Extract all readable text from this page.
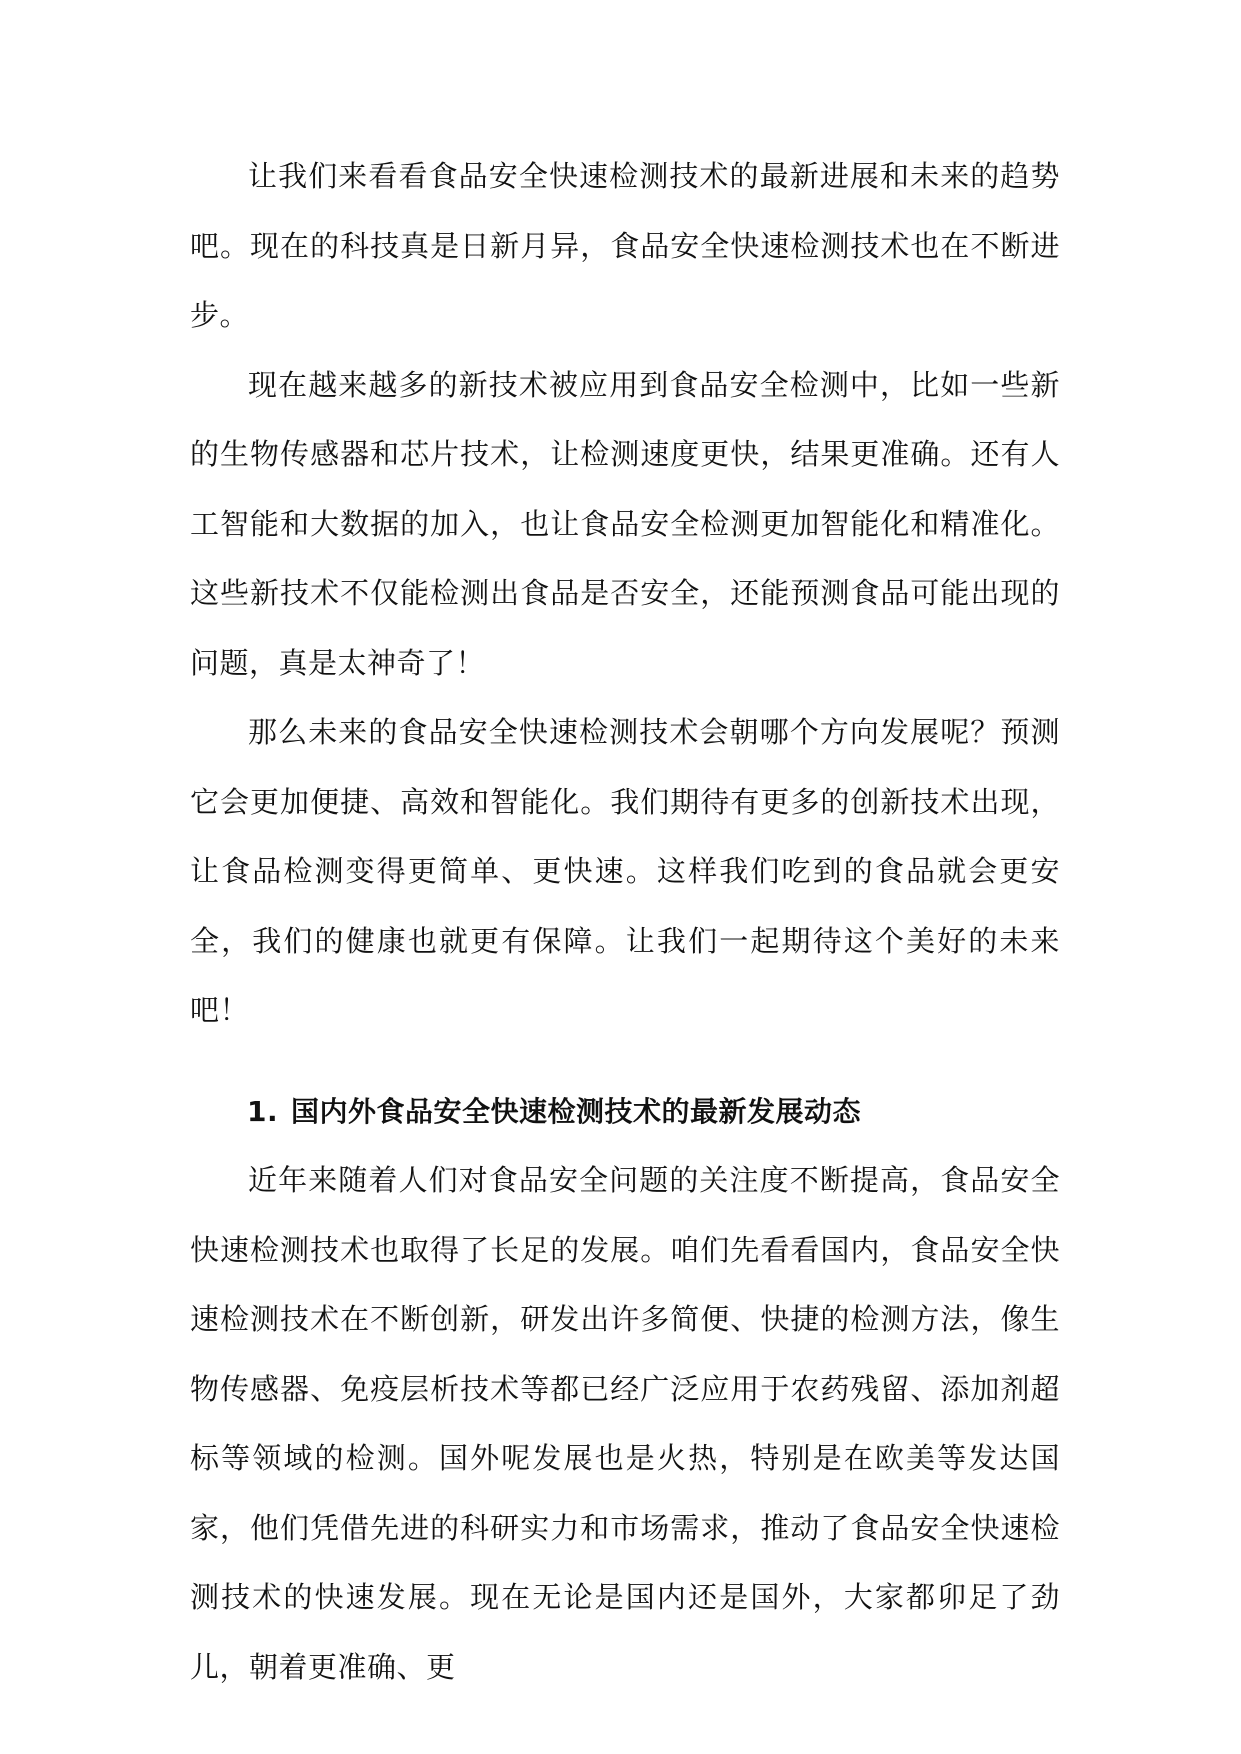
让我们来看看食品安全快速检测技术的最新进展和未来的趋势吧。现在的科技真是日新月异，食品安全快速检测技术也在不断进步。

现在越来越多的新技术被应用到食品安全检测中，比如一些新的生物传感器和芯片技术，让检测速度更快，结果更准确。还有人工智能和大数据的加入，也让食品安全检测更加智能化和精准化。这些新技术不仅能检测出食品是否安全，还能预测食品可能出现的问题，真是太神奇了！

那么未来的食品安全快速检测技术会朝哪个方向发展呢？预测它会更加便捷、高效和智能化。我们期待有更多的创新技术出现，让食品检测变得更简单、更快速。这样我们吃到的食品就会更安全，我们的健康也就更有保障。让我们一起期待这个美好的未来吧！

1. 国内外食品安全快速检测技术的最新发展动态

近年来随着人们对食品安全问题的关注度不断提高，食品安全快速检测技术也取得了长足的发展。咱们先看看国内，食品安全快速检测技术在不断创新，研发出许多简便、快捷的检测方法，像生物传感器、免疫层析技术等都已经广泛应用于农药残留、添加剂超标等领域的检测。国外呢发展也是火热，特别是在欧美等发达国家，他们凭借先进的科研实力和市场需求，推动了食品安全快速检测技术的快速发展。现在无论是国内还是国外，大家都卯足了劲儿，朝着更准确、更
